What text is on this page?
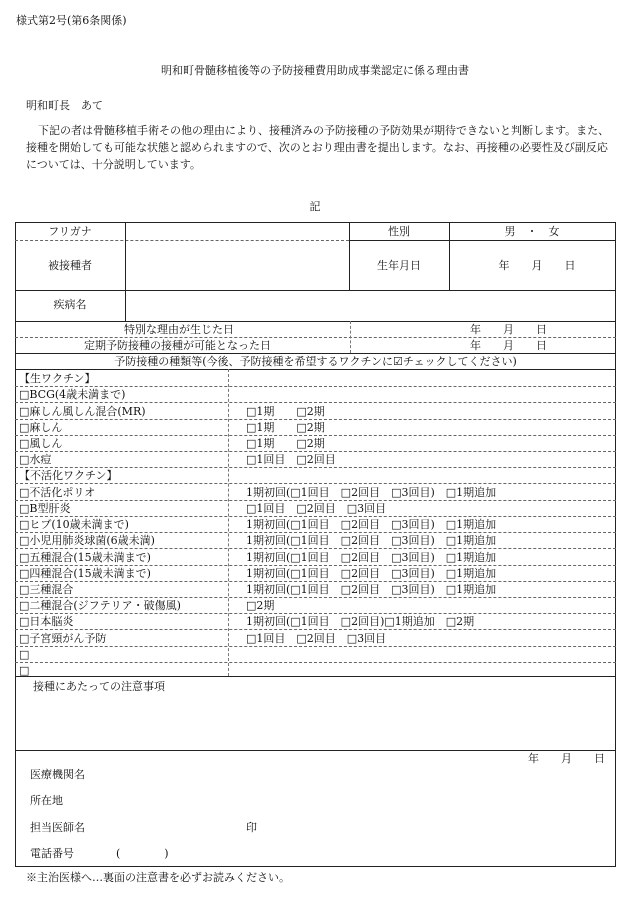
様式第2号(第6条関係)
明和町骨髄移植後等の予防接種費用助成事業認定に係る理由書
明和町長　あて
下記の者は骨髄移植手術その他の理由により、接種済みの予防接種の予防効果が期待できないと判断します。また、接種を開始しても可能な状態と認められますので、次のとおり理由書を提出します。なお、再接種の必要性及び副反応については、十分説明しています。
記
フリガナ	性別	男　・　女
被接種者	生年月日	年　　月　　日
疾病名
特別な理由が生じた日	年　　月　　日
定期予防接種の接種が可能となった日	年　　月　　日
予防接種の種類等(今後、予防接種を希望するワクチンに☑チェックしてください)
【生ワクチン】
□BCG(4歳未満まで)
□麻しん風しん混合(MR)	□1期　　□2期
□麻しん	□1期　　□2期
□風しん	□1期　　□2期
□水痘	□1回目　□2回目
【不活化ワクチン】
□不活化ポリオ	1期初回(□1回目　□2回目　□3回目)　□1期追加
□B型肝炎	□1回目　□2回目　□3回目
□ヒブ(10歳未満まで)	1期初回(□1回目　□2回目　□3回目)　□1期追加
□小児用肺炎球菌(6歳未満)	1期初回(□1回目　□2回目　□3回目)　□1期追加
□五種混合(15歳未満まで)	1期初回(□1回目　□2回目　□3回目)　□1期追加
□四種混合(15歳未満まで)	1期初回(□1回目　□2回目　□3回目)　□1期追加
□三種混合	1期初回(□1回目　□2回目　□3回目)　□1期追加
□二種混合(ジフテリア・破傷風)	□2期
□日本脳炎	1期初回(□1回目　□2回目)□1期追加　□2期
□子宮頸がん予防	□1回目　□2回目　□3回目
□
□
接種にあたっての注意事項
年　　月　　日
医療機関名
所在地
担当医師名	印
電話番号	(　　　　)
※主治医様へ…裏面の注意書を必ずお読みください。
